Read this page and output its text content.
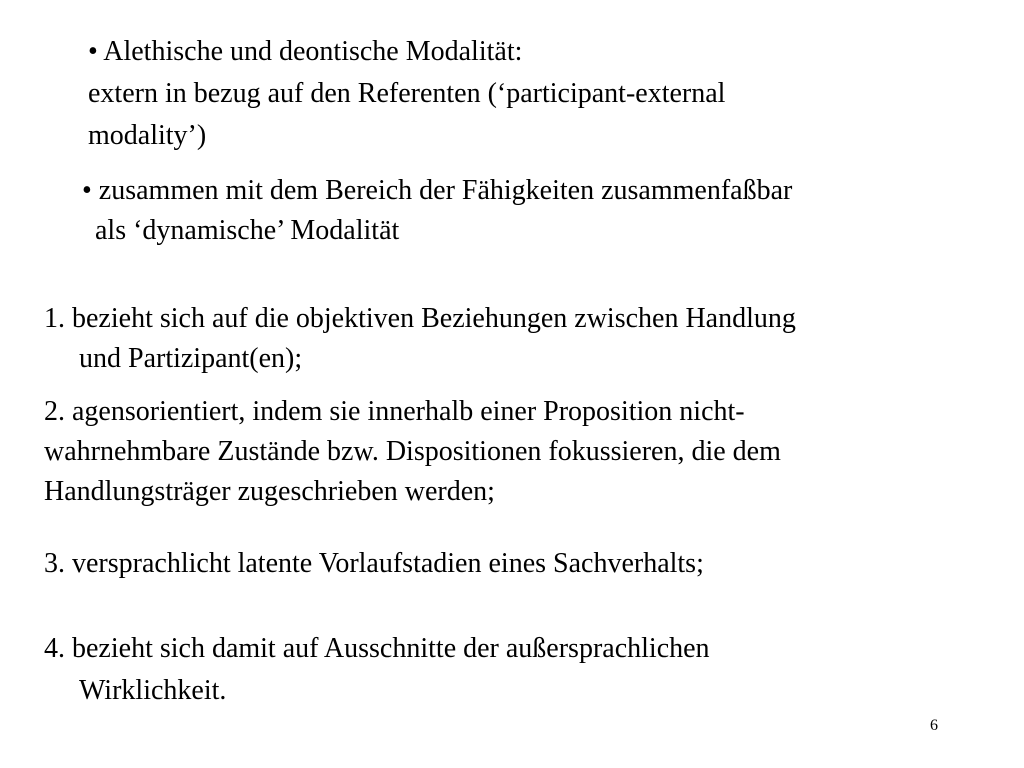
• Alethische und deontische Modalität:

extern in bezug auf den Referenten (‘participant-external

modality’)

• zusammen mit dem Bereich der Fähigkeiten zusammenfaßbar

als ‘dynamische’ Modalität

1. bezieht sich auf die objektiven Beziehungen zwischen Handlung

und Partizipant(en);

2. agensorientiert, indem sie innerhalb einer Proposition nicht-

wahrnehmbare Zustände bzw. Dispositionen fokussieren, die dem

Handlungsträger zugeschrieben werden;

3. versprachlicht latente Vorlaufstadien eines Sachverhalts;

4. bezieht sich damit auf Ausschnitte der außersprachlichen

Wirklichkeit.

6
